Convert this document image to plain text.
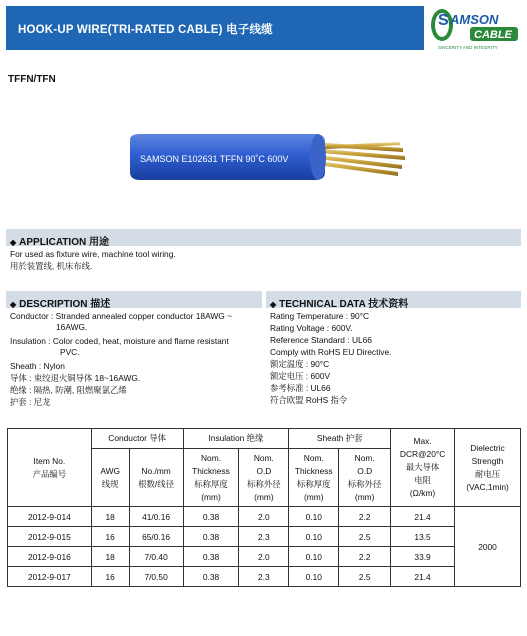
HOOK-UP WIRE(TRI-RATED CABLE) 电子线缆
S AMSON
CABLE
SINCERITY AND INTEGRITY
TFFN/TFN
SAMSON E102631 TFFN 90˚C 600V
◆ APPLICATION 用途
For used as fixture wire, machine tool wiring.
用於装置线, 机床布线.
◆ DESCRIPTION 描述
Conductor : Stranded annealed copper conductor 18AWG ~
16AWG.
Insulation : Color coded, heat, moisture and flame resistant
PVC.
Sheath : Nylon
导体 : 束绞退火铜导体 18~16AWG.
绝缘 : 隔热, 防潮, 阻燃聚氯乙烯
护套 : 尼龙
◆ TECHNICAL DATA 技术资料
Rating Temperature : 90°C
Rating Voltage : 600V.
Reference Standard : UL66
Comply with RoHS EU Directive.
额定温度 : 90°C
额定电压 : 600V
参考标准 : UL66
符合欧盟 RoHS 指令
Item No.
产品编号	Conductor 导体		Insulation 绝缘		Sheath 护套		Max.
DCR@20°C
最大导体
电阻
(Ω/km)	Dielectric
Strength
耐电压
(VAC,1min)
	AWG
线规	No./mm
根数/线径	Nom.
Thickness
标称厚度
(mm)	Nom.
O.D
标称外径
(mm)	Nom.
Thickness
标称厚度
(mm)	Nom.
O.D
标称外径
(mm)		
2012-9-014	18	41/0.16	0.38	2.0	0.10	2.2	21.4	2000
2012-9-015	16	65/0.16	0.38	2.3	0.10	2.5	13.5	
2012-9-016	18	7/0.40	0.38	2.0	0.10	2.2	33.9	
2012-9-017	16	7/0.50	0.38	2.3	0.10	2.5	21.4	
